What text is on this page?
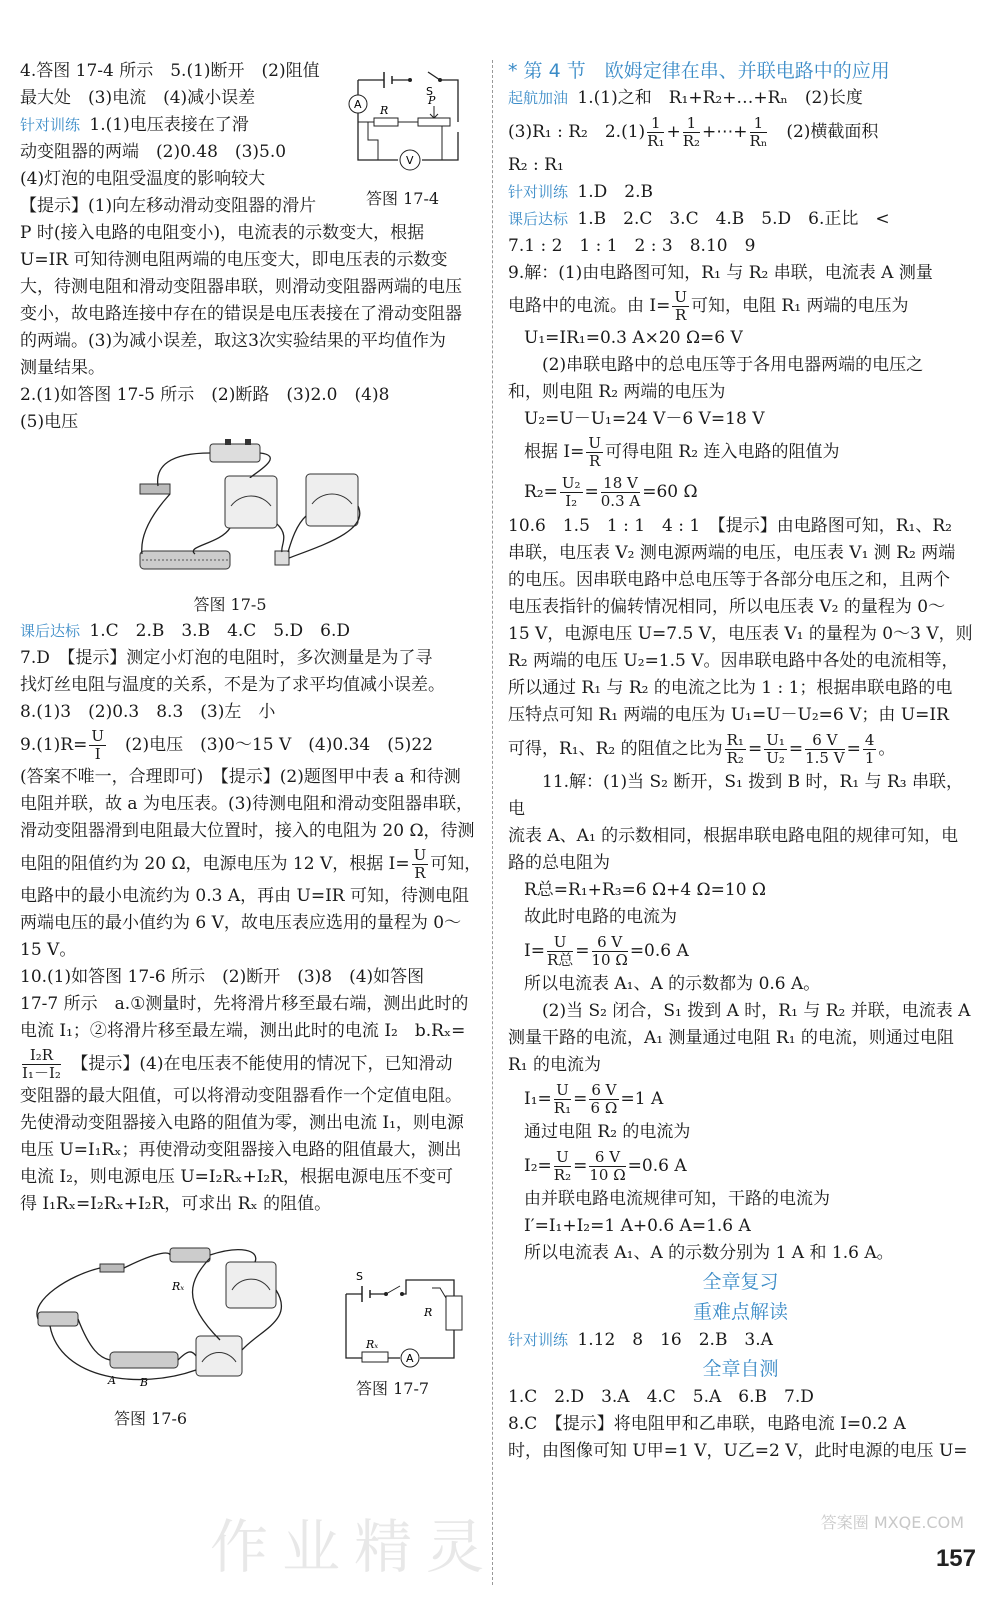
4.答图 17-4 所示　5.(1)断开　(2)阻值

最大处　(3)电流　(4)减小误差

针对训练 1.(1)电压表接在了滑

动变阻器的两端　(2)0.48　(3)5.0

(4)灯泡的电阻受温度的影响较大

【提示】(1)向左移动滑动变阻器的滑片

P 时(接入电路的电阻变小)，电流表的示数变大，根据

U=IR 可知待测电阻两端的电压变大，即电压表的示数变

大，待测电阻和滑动变阻器串联，则滑动变阻器两端的电压

变小，故电路连接中存在的错误是电压表接在了滑动变阻器

的两端。(3)为减小误差，取这3次实验结果的平均值作为

测量结果。

2.(1)如答图 17-5 所示　(2)断路　(3)2.0　(4)8

(5)电压

答图 17-5

课后达标 1.C　2.B　3.B　4.C　5.D　6.D

7.D　【提示】测定小灯泡的电阻时，多次测量是为了寻

找灯丝电阻与温度的关系，不是为了求平均值减小误差。

8.(1)3　(2)0.3　8.3　(3)左　小

$9.(1)R= \frac{U}{I}$ 　(2)电压　(3)0～15 V　(4)0.34　(5)22

(答案不唯一，合理即可)　【提示】(2)题图甲中表 a 和待测

电阻并联，故 a 为电压表。(3)待测电阻和滑动变阻器串联，

滑动变阻器滑到电阻最大位置时，接入的电阻为 20 Ω，待测

电阻的阻值约为 20 Ω，电源电压为 12 V，根据 $I= \frac{U}{R}$ 可知，

电路中的最小电流约为 0.3 A，再由 U=IR 可知，待测电阻

两端电压的最小值约为 6 V，故电压表应选用的量程为 0～

15 V。

10.(1)如答图 17-6 所示　(2)断开　(3)8　(4)如答图

17-7 所示　a.①测量时，先将滑片移至最右端，测出此时的

电流 I₁；②将滑片移至最左端，测出此时的电流 I₂　b.Rₓ=

$\frac{\text{I₂R}}{\text{I₁－I₂}}$ 　【提示】(4)在电压表不能使用的情况下，已知滑动

变阻器的最大阻值，可以将滑动变阻器看作一个定值电阻。

先使滑动变阻器接入电路的阻值为零，测出电流 I₁，则电源

电压 U=I₁Rₓ；再使滑动变阻器接入电路的阻值最大，测出

电流 I₂，则电源电压 U=I₂Rₓ+I₂R，根据电源电压不变可

得 I₁Rₓ=I₂Rₓ+I₂R，可求出 Rₓ 的阻值。

A
S
R
P
V
答图 17-4
Rₓ
A B
答图 17-6
S
R
Rₓ
A
答图 17-7

* 第 4 节　欧姆定律在串、并联电路中的应用

起航加油 1.(1)之和　R₁+R₂+…+Rₙ　(2)长度

(3)R₁ : R₂　$2.(1) \frac{1}{\text{R₁}} + \frac{1}{\text{R₂}}$ +⋯+ $\frac{1}{\text{Rₙ}}$ 　(2)横截面积

R₂ : R₁

针对训练 1.D　2.B

课后达标 1.B　2.C　3.C　4.B　5.D　6.正比　<

7.1 : 2　1 : 1　2 : 3　8.10　9

9.解：(1)由电路图可知，R₁ 与 R₂ 串联，电流表 A 测量

电路中的电流。由 $I= \frac{U}{R}$ 可知，电阻 R₁ 两端的电压为

U₁=IR₁=0.3 A×20 Ω=6 V

(2)串联电路中的总电压等于各用电器两端的电压之

和，则电阻 R₂ 两端的电压为

U₂=U－U₁=24 V－6 V=18 V

根据 $I= \frac{U}{R}$ 可得电阻 R₂ 连入电路的阻值为

$R_2= \frac{\text{U₂}}{\text{I₂}} = \frac{18 V}{0.3 A} =60$ Ω

10.6　1.5　1 : 1　4 : 1　【提示】由电路图可知，R₁、R₂

串联，电压表 V₂ 测电源两端的电压，电压表 V₁ 测 R₂ 两端

的电压。因串联电路中总电压等于各部分电压之和，且两个

电压表指针的偏转情况相同，所以电压表 V₂ 的量程为 0～

15 V，电源电压 U=7.5 V，电压表 V₁ 的量程为 0～3 V，则

R₂ 两端的电压 U₂=1.5 V。因串联电路中各处的电流相等，

所以通过 R₁ 与 R₂ 的电流之比为 1 : 1；根据串联电路的电

压特点可知 R₁ 两端的电压为 U₁=U－U₂=6 V；由 U=IR

可得，R₁、R₂ 的阻值之比为 $\frac{\text{R₁}}{\text{R₂}} = \frac{\text{U₁}}{\text{U₂}} = \frac{6 V}{1.5 V} = \frac{4}{1}$ 。

11.解：(1)当 S₂ 断开，S₁ 拨到 B 时，R₁ 与 R₃ 串联，电

流表 A、A₁ 的示数相同，根据串联电路电阻的规律可知，电

路的总电阻为

R总=R₁+R₃=6 Ω+4 Ω=10 Ω

故此时电路的电流为

$I= \frac{U}{\text{R总}} = \frac{6 V}{10 \Omega} =0.6$ A

所以电流表 A₁、A 的示数都为 0.6 A。

(2)当 S₂ 闭合，S₁ 拨到 A 时，R₁ 与 R₂ 并联，电流表 A

测量干路的电流，A₁ 测量通过电阻 R₁ 的电流，则通过电阻

R₁ 的电流为

$I_1= \frac{U}{\text{R₁}} = \frac{6 V}{6 \Omega} =1$ A

通过电阻 R₂ 的电流为

$I_2= \frac{U}{\text{R₂}} = \frac{6 V}{10 \Omega} =0.6$ A

由并联电路电流规律可知，干路的电流为

I′=I₁+I₂=1 A+0.6 A=1.6 A

所以电流表 A₁、A 的示数分别为 1 A 和 1.6 A。

全章复习

重难点解读

针对训练 1.12　8　16　2.B　3.A

全章自测

1.C　2.D　3.A　4.C　5.A　6.B　7.D

8.C　【提示】将电阻甲和乙串联，电路电流 I=0.2 A

时，由图像可知 U甲=1 V，U乙=2 V，此时电源的电压 U=

作业精灵	答案圈 MXQE.COM
157
